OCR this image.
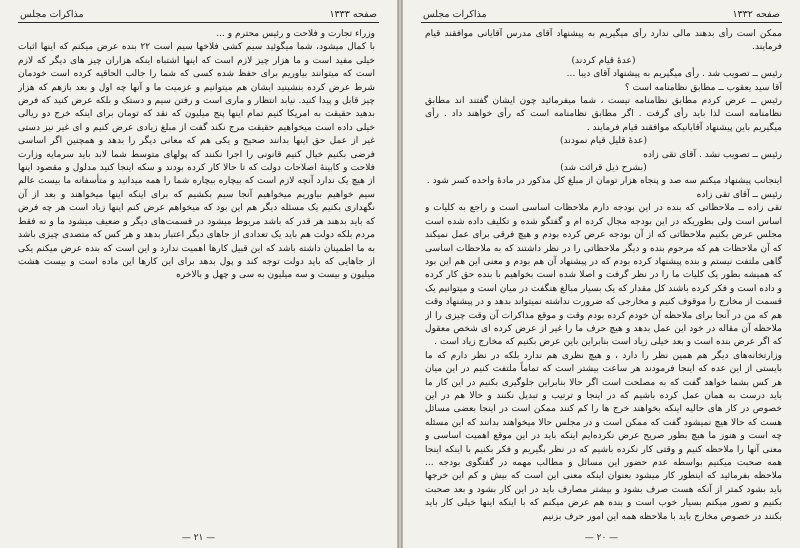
صفحه ۱۳۳۳
مذاکرات مجلس

وزراء تجارت و فلاحت و رئیس محترم و ...

با کمال میشود، شما میگوئید سیم کشی فلاخها سیم است ۲۲ بنده عرض میکنم که اینها اثبات خیلی مفید است و ما هزار چیز لازم است که اینها اشتباه اینکه هزاران چیز های دیگر که لازم است که میتوانند بیاوریم برای حفظ شده کسی که شما را جالب الحاقیه کرده است خودمان شرط عرض کرده بنشینید ایشان هم میتوانیم و عزمیت ما و آنها چه اول و بعد بازهم که هزار چیز قابل و پیدا کنید. نیابد انتظار و ماری است و رفتن سیم و دستک و بلکه عرض کنید که فرض بدهید حقیقت به امریکا کنیم تمام اینها پنج میلیون که نقد که تومان برای اینکه خرج دو ریالی خیلی داده است میخواهیم حقیقت مرج نکند گفت از مبلغ زیادی عرض کنیم و ای غیر نیز دستی غیر از عمل حق اینها بدانند صحیح و یکی هم که معانی دیگر را بدهد و همچنین اگر اساسی فرضی بکنیم خیال کنیم قانونی را اجرا نکنند که پولهای متوسط شما لابد باید سرمایه وزارت فلاحت و کابینهٔ اصلاحات دولت که تا حالا کار کرده بودند و سکه اینجا کنید مدلول و مقصود اینها از هیچ یک ندارد آنچه لازم است که بیچاره بیچاره شما را همه میدانید و متأسفانه ما بیست عالم سیم خواهیم بیاوریم میخواهیم آنجا سیم بکشیم که برای اینکه اینها میخواهند و بعد از آن نگهداری بکنیم یک مسئله دیگر هم این بود که میخواهم عرض کنم اینها زیاد است هر چه فرض که باید بدهند هر قدر که باشد مربوط میشود در قسمت‌های دیگر و ضعیف میشود ما و نه فقط مردم بلکه دولت هم باید یک تعدادی از جاهای دیگر اعتبار بدهد و هر کس که متصدی چیزی باشد به ما اطمینان داشته باشد که این قبیل کارها اهمیت ندارد و این است که بنده عرض میکنم یکی از جاهایی که باید دولت توجه کند و پول بدهد برای این کارها این ماده است و بیست هشت میلیون و بیست و سه میلیون به سی و چهل و بالاخره

— ۲۱ —
صفحه ۱۳۳۲
مذاکرات مجلس

ممکن است رأی بدهند مالی ندارد رأی میگیریم به پیشنهاد آقای مدرس آقایانی موافقند قیام فرمایند.

(عدهٔ قیام کردند)

رئیس ــ تصویب شد . رأی میگیریم به پیشنهاد آقای دیبا ...

آقا سید یعقوب ــ مطابق نظامنامه است ؟

رئیس ــ عرض کردم مطابق نظامنامه نیست ، شما میفرمائید چون ایشان گفتند اند مطابق نظامنامه است لذا باید رأی گرفت . اگر مطابق نظامنامه است که رأی خواهند داد . رأی میگیریم باین پیشنهاد آقایانیکه موافقند قیام فرمایند .

(عدهٔ قلیل قیام نمودند)

رئیس ــ تصویب نشد . آقای تقی زاده

(بشرح ذیل قرائت شد)

اینجانب پیشنهاد میکنم سه صد و پنجاه هزار تومان از مبلغ کل مذکور در مادهٔ واحده کسر شود .

رئیس ــ آقای تقی زاده

تقی زاده ــ ملاحظاتی که بنده در این بودجه دارم ملاحظات اساسی است و راجع به کلیات و اساس است ولی بطوریکه در این بودجه مجال کرده ام و گفتگو شده و تکلیف داده شده است مجلس عرض بکنیم ملاحظاتی که از آن بودجه عرض کرده بودم و هیچ فرقی برای عمل نمیکند که آن ملاحظات هم که مرحوم بنده و دیگر ملاحظاتی را در نظر داشتند که به ملاحظات اساسی گاهی ملتفت نیستم و بنده پیشنهاد کرده بودم که در پیشنهاد آن هم بودم و معنی این هم این بود که همیشه بطور یک کلیات ما را در نظر گرفت و اصلا شده است بخواهیم با بنده حق کار کرده و داده است و فکر کرده باشند کل مقدار که یک بسیار مبالغ هنگفت در میان است و میتوانیم یک قسمت از مخارج را موقوف کنیم و مخارجی که ضرورت نداشته نمیتواند بدهد و در پیشنهاد وقت هم که من در آنجا برای ملاحظه آن خودم کرده بودم وقت و موقع مذاکرات آن وقت چیزی را از ملاحظه آن مقاله در خود این عمل بدهد و هیچ حرف ما را غیر از عرض کرده ای شخص معقول که اگر عرض بنده است و بعد خیلی زیاد است بنابراین باین عرض بکنیم که مخارج زیاد است .

وزارتخانه‌های دیگر هم همین نظر را دارد ، و هیچ نظری هم ندارد بلکه در نظر دارم که ما بایستی از این عده که اینجا فرمودند هر ساعت بیشتر است که تماماً ملتفت کنیم در این میان هر کس بشما خواهد گفت که به مصلحت است اگر حالا بنابراین جلوگیری بکنیم در این کار ما باید درست به همان عمل کرده باشیم که در اینجا و ترتیب و تبدیل نکنند و حالا هم در این خصوص در کار های حالیه اینکه بخواهند خرج ها را کم کنند ممکن است در اینجا بعضی مسائل هست که حالا هیچ نمیشود گفت که ممکن است و در مجلس حالا میخواهند بدانند که این مسئله چه است و هنوز ما هیچ بطور صریح عرض نکرده‌ایم اینکه باید در این موقع اهمیت اساسی و معنی آنها را ملاحظه کنیم و وقتی کار نکرده باشیم که در نظر بگیریم و فکر بکنیم با اینکه اینجا همه صحبت میکنیم بواسطه عدم حضور این مسائل و مطالب مهمه در گفتگوی بودجه ... ملاحظه بفرمائید که اینطور کار میشود بعنوان اینکه معنی این است که بیش و کم این خرجها باید بشود کمتر از آنکه هست صرف بشود و بیشتر مصارف باید در این کار بشود و بعد صحبت بکنیم و تصور میکنم بسیار خوب است و بنده هم عرض میکنم که با اینکه اینها خیلی کار باید بکنند در خصوص مخارج باید با ملاحظه همه این امور حرف بزنیم

— ۲۰ —
